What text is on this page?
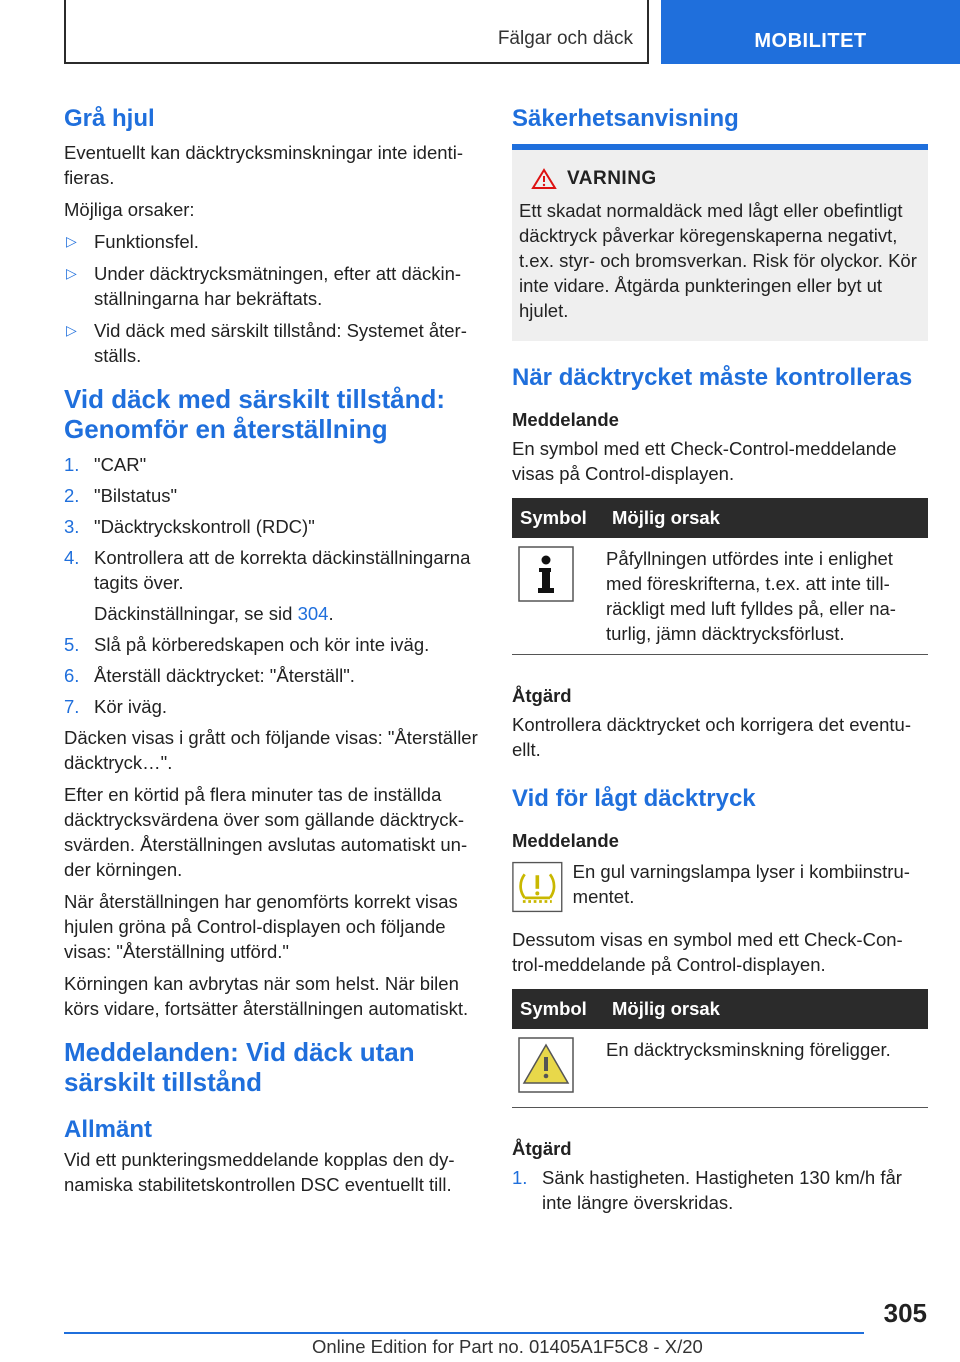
Fälgar och däck	MOBILITET
Grå hjul

Eventuellt kan däcktrycksminskningar inte identifieras.

Möjliga orsaker:

▷ Funktionsfel.
▷ Under däcktrycksmätningen, efter att däckinställningarna har bekräftats.
▷ Vid däck med särskilt tillstånd: Systemet återställs.
Vid däck med särskilt tillstånd: Genomför en återställning
1. "CAR"
2. "Bilstatus"
3. "Däcktryckskontroll (RDC)"
4. Kontrollera att de korrekta däckinställningarna tagits över.
Däckinställningar, se sid 304.
5. Slå på körberedskapen och kör inte iväg.
6. Återställ däcktrycket: "Återställ".
7. Kör iväg.

Däcken visas i grått och följande visas: "Återställer däcktryck…".

Efter en körtid på flera minuter tas de inställda däcktrycksvärdena över som gällande däcktrycksvärden. Återställningen avslutas automatiskt under körningen.

När återställningen har genomförts korrekt visas hjulen gröna på Control-displayen och följande visas: "Återställning utförd."

Körningen kan avbrytas när som helst. När bilen körs vidare, fortsätter återställningen automatiskt.

Meddelanden: Vid däck utan särskilt tillstånd
Allmänt

Vid ett punkteringsmeddelande kopplas den dynamiska stabilitetskontrollen DSC eventuellt till.

Säkerhetsanvisning
VARNING

Ett skadat normaldäck med lågt eller obefintligt däcktryck påverkar köregenskaperna negativt, t.ex. styr- och bromsverkan. Risk för olyckor. Kör inte vidare. Åtgärda punkteringen eller byt ut hjulet.

När däcktrycket måste kontrolleras
Meddelande

En symbol med ett Check-Control-meddelande visas på Control-displayen.

Symbol	Möjlig orsak
	Påfyllningen utfördes inte i enlighet med föreskrifterna, t.ex. att inte tillräckligt med luft fylldes på, eller naturlig, jämn däcktrycksförlust.
Åtgärd

Kontrollera däcktrycket och korrigera det eventuellt.

Vid för lågt däcktryck
Meddelande

En gul varningslampa lyser i kombiinstrumentet.

Dessutom visas en symbol med ett Check-Control-meddelande på Control-displayen.

Symbol	Möjlig orsak
	En däcktrycksminskning föreligger.
Åtgärd
1. Sänk hastigheten. Hastigheten 130 km/h får inte längre överskridas.
305
Online Edition for Part no. 01405A1F5C8 - X/20
